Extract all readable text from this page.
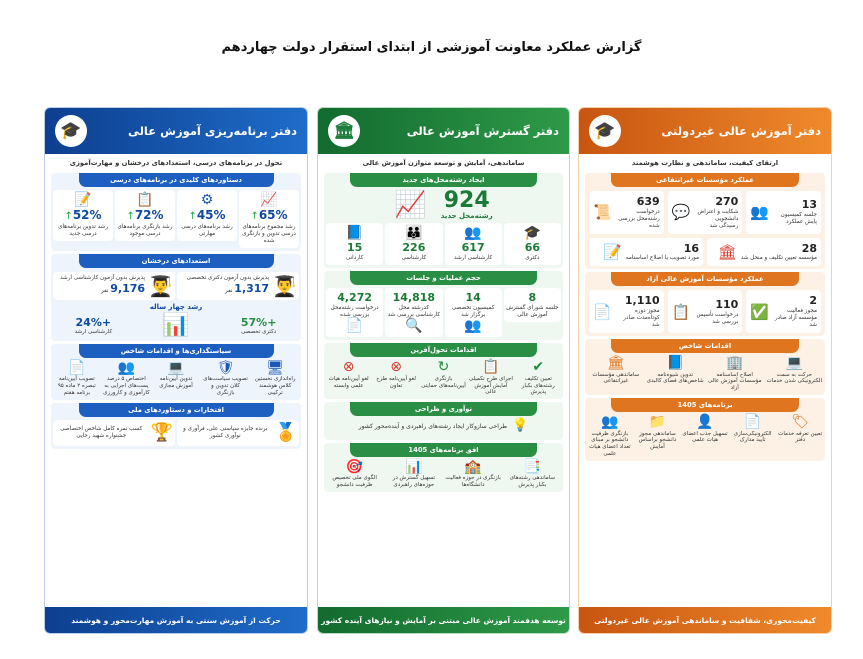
گزارش عملکرد معاونت آموزشی از ابتدای استقرار دولت چهاردهم
دفتر برنامه‌ریزی آموزش عالی
🎓
تحول در برنامه‌های درسی، استعدادهای درخشان و مهارت‌آموزی
دستاوردهای کلیدی در برنامه‌های درسی
📈
65%↑
رشد مجموع برنامه‌های درسی تدوین و بازنگری شده
⚙
45%↑
رشد برنامه‌های درسی مهارتی
📋
72%↑
رشد بازنگری برنامه‌های درسی موجود
📝
52%↑
رشد تدوین برنامه‌های درسی جدید
استعدادهای درخشان
👨‍🎓
پذیرش بدون آزمون دکتری تخصصی
1,317 نفر
👨‍🎓
پذیرش بدون آزمون کارشناسی ارشد
9,176 نفر
رشد چهار ساله
+57%
دکتری تخصصی
📊
+24%
کارشناسی ارشد
سیاستگذاری‌ها و اقدامات شاخص
🖥
راه‌اندازی نخستین کلاس هوشمند ترکیبی
🛡
تصویب سیاست‌های کلان تدوین و بازنگری
💻
تدوین آیین‌نامه آموزش مجازی
👥
اختصاص ۵ درصد پست‌های اجرایی به کارآموزی و کارورزی
📄
تصویب آیین‌نامه تبصره ۲ ماده ۹۵ برنامه هفتم
افتخارات و دستاوردهای ملی
🏅
برنده جایزه سیاستی علی، فرآوری و نوآوری کشور
🏆
کسب نمره کامل شاخص اختصاصی جشنواره شهید رجایی
حرکت از آموزش سنتی به آموزش مهارت‌محور و هوشمند
دفتر گسترش آموزش عالی
🏛
ساماندهی، آمایش و توسعه متوازن آموزش عالی
ایجاد رشته‌محل‌های جدید
924
رشته‌محل جدید
📈
🎓
66
دکتری
👥
617
کارشناسی ارشد
👪
226
کارشناسی
📘
15
کاردانی
حجم عملیات و جلسات
8
جلسه شورای گسترش آموزش عالی
14
کمیسیون تخصصی برگزار شد
👥
14,818
کدرشته محل کارشناسی بررسی شد
🔍
4,272
درخواست رشته‌محل بررسی شده
📄
اقدامات تحول‌آفرین
✔
تعیین تکلیف رشته‌های بکبار پذیرش
📋
اجرای طرح تکمیلی آمایش آموزش عالی
↻
بازنگری آیین‌نامه‌های حمایتی
⊗
لغو آیین‌نامه طرح تعاون
⊗
لغو آیین‌نامه هیات علمی وابسته
نوآوری و طراحی
💡
طراحی سازوکار ایجاد رشته‌های راهبردی و آینده‌محور کشور
افق برنامه‌های 1405
📑
ساماندهی رشته‌های بکبار پذیرش
🏫
بازنگری در حوزه فعالیت دانشگاه‌ها
📊
تسهیل گسترش در حوزه‌های راهبردی
🎯
الگوی ملی تخصیص ظرفیت دانشجو
توسعه هدفمند آموزش عالی مبتنی بر آمایش و نیازهای آینده کشور
دفتر آموزش عالی غیردولتی
🎓
ارتقای کیفیت، ساماندهی و نظارت هوشمند
عملکرد مؤسسات غیرانتفاعی
13
جلسه کمیسیون پایش عملکرد
👥
270
شکایت و اعتراض دانشجویی رسیدگی شد
💬
639
درخواست رشته‌محل بررسی شده
📜
28
مؤسسه تعیین تکلیف و منحل شد
🏛
16
مورد تصویب یا اصلاح اساسنامه
📝
عملکرد مؤسسات آموزش عالی آزاد
2
مجوز فعالیت مؤسسه آزاد صادر شد
✅
110
درخواست تأسیس بررسی شد
📋
1,110
مجوز دوره کوتاه‌مدت صادر شد
📄
اقدامات شاخص
💻
حرکت به سمت الکترونیکی شدن خدمات
🏢
اصلاح اساسنامه مؤسسات آموزش عالی آزاد
📘
تدوین شیوه‌نامه شاخص‌های فضای کالبدی
🏛
ساماندهی مؤسسات غیرانتفاعی
برنامه‌های 1405
🏷
تعیین تعرفه خدمات دفتر
📄
الکترونیکی‌سازی تأیید مدارک
👤
تسهیل جذب اعضای هیات علمی
📁
ساماندهی مجوز دانشجو براساس آمایش
👥
بازنگری ظرفیت دانشجو بر مبنای تعداد اعضای هیات علمی
کیفیت‌محوری، شفافیت و ساماندهی آموزش عالی غیردولتی
